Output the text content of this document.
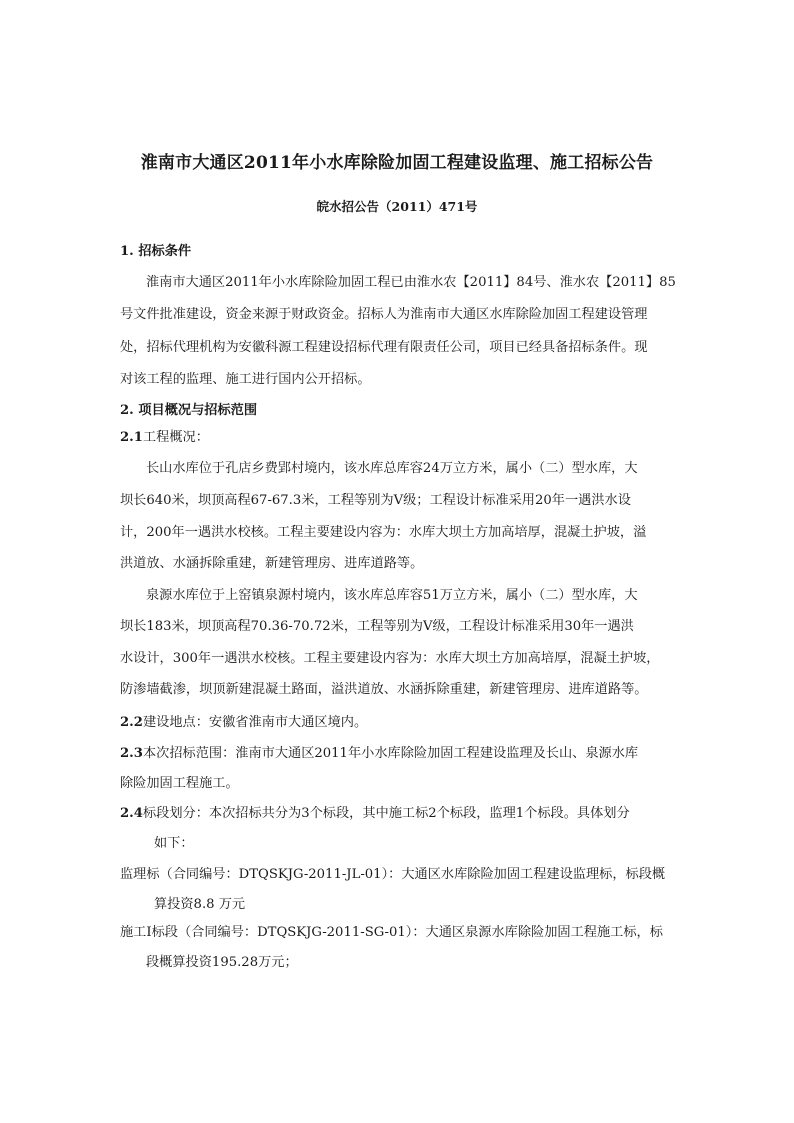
淮南市大通区2011年小水库除险加固工程建设监理、施工招标公告
皖水招公告（2011）471号
1. 招标条件
淮南市大通区2011年小水库除险加固工程已由淮水农【2011】84号、淮水农【2011】85
号文件批准建设，资金来源于财政资金。招标人为淮南市大通区水库除险加固工程建设管理
处，招标代理机构为安徽科源工程建设招标代理有限责任公司，项目已经具备招标条件。现
对该工程的监理、施工进行国内公开招标。
2. 项目概况与招标范围
2.1工程概况：
长山水库位于孔店乡费郢村境内，该水库总库容24万立方米，属小（二）型水库，大
坝长640米，坝顶高程67-67.3米，工程等别为V级；工程设计标准采用20年一遇洪水设
计，200年一遇洪水校核。工程主要建设内容为：水库大坝土方加高培厚，混凝土护坡，溢
洪道放、水涵拆除重建，新建管理房、进库道路等。
泉源水库位于上窑镇泉源村境内，该水库总库容51万立方米，属小（二）型水库，大
坝长183米，坝顶高程70.36-70.72米，工程等别为V级，工程设计标准采用30年一遇洪
水设计，300年一遇洪水校核。工程主要建设内容为：水库大坝土方加高培厚，混凝土护坡，
防渗墙截渗，坝顶新建混凝土路面，溢洪道放、水涵拆除重建，新建管理房、进库道路等。
2.2建设地点：安徽省淮南市大通区境内。
2.3本次招标范围：淮南市大通区2011年小水库除险加固工程建设监理及长山、泉源水库
除险加固工程施工。
2.4标段划分：本次招标共分为3个标段，其中施工标2个标段，监理1个标段。具体划分
如下：
监理标（合同编号：DTQSKJG-2011-JL-01）：大通区水库除险加固工程建设监理标，标段概
算投资8.8 万元
施工Ⅰ标段（合同编号：DTQSKJG-2011-SG-01）：大通区泉源水库除险加固工程施工标，标
段概算投资195.28万元；
